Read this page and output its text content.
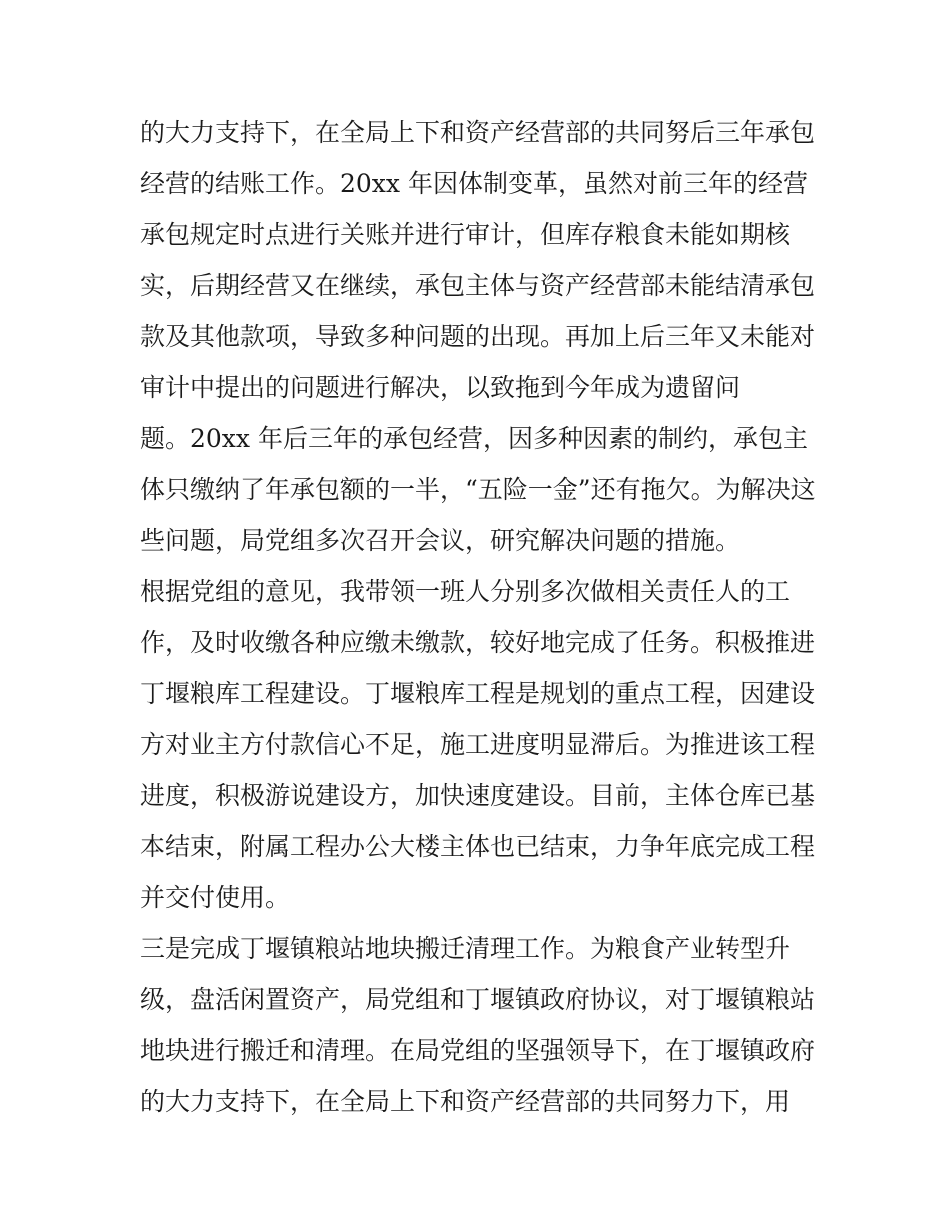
的大力支持下，在全局上下和资产经营部的共同努后三年承包
经营的结账工作。20xx 年因体制变革，虽然对前三年的经营
承包规定时点进行关账并进行审计，但库存粮食未能如期核
实，后期经营又在继续，承包主体与资产经营部未能结清承包
款及其他款项，导致多种问题的出现。再加上后三年又未能对
审计中提出的问题进行解决，以致拖到今年成为遗留问
题。20xx 年后三年的承包经营，因多种因素的制约，承包主
体只缴纳了年承包额的一半，“五险一金”还有拖欠。为解决这
些问题，局党组多次召开会议，研究解决问题的措施。
根据党组的意见，我带领一班人分别多次做相关责任人的工
作，及时收缴各种应缴未缴款，较好地完成了任务。积极推进
丁堰粮库工程建设。丁堰粮库工程是规划的重点工程，因建设
方对业主方付款信心不足，施工进度明显滞后。为推进该工程
进度，积极游说建设方，加快速度建设。目前，主体仓库已基
本结束，附属工程办公大楼主体也已结束，力争年底完成工程
并交付使用。
三是完成丁堰镇粮站地块搬迁清理工作。为粮食产业转型升
级，盘活闲置资产，局党组和丁堰镇政府协议，对丁堰镇粮站
地块进行搬迁和清理。在局党组的坚强领导下，在丁堰镇政府
的大力支持下，在全局上下和资产经营部的共同努力下，用
